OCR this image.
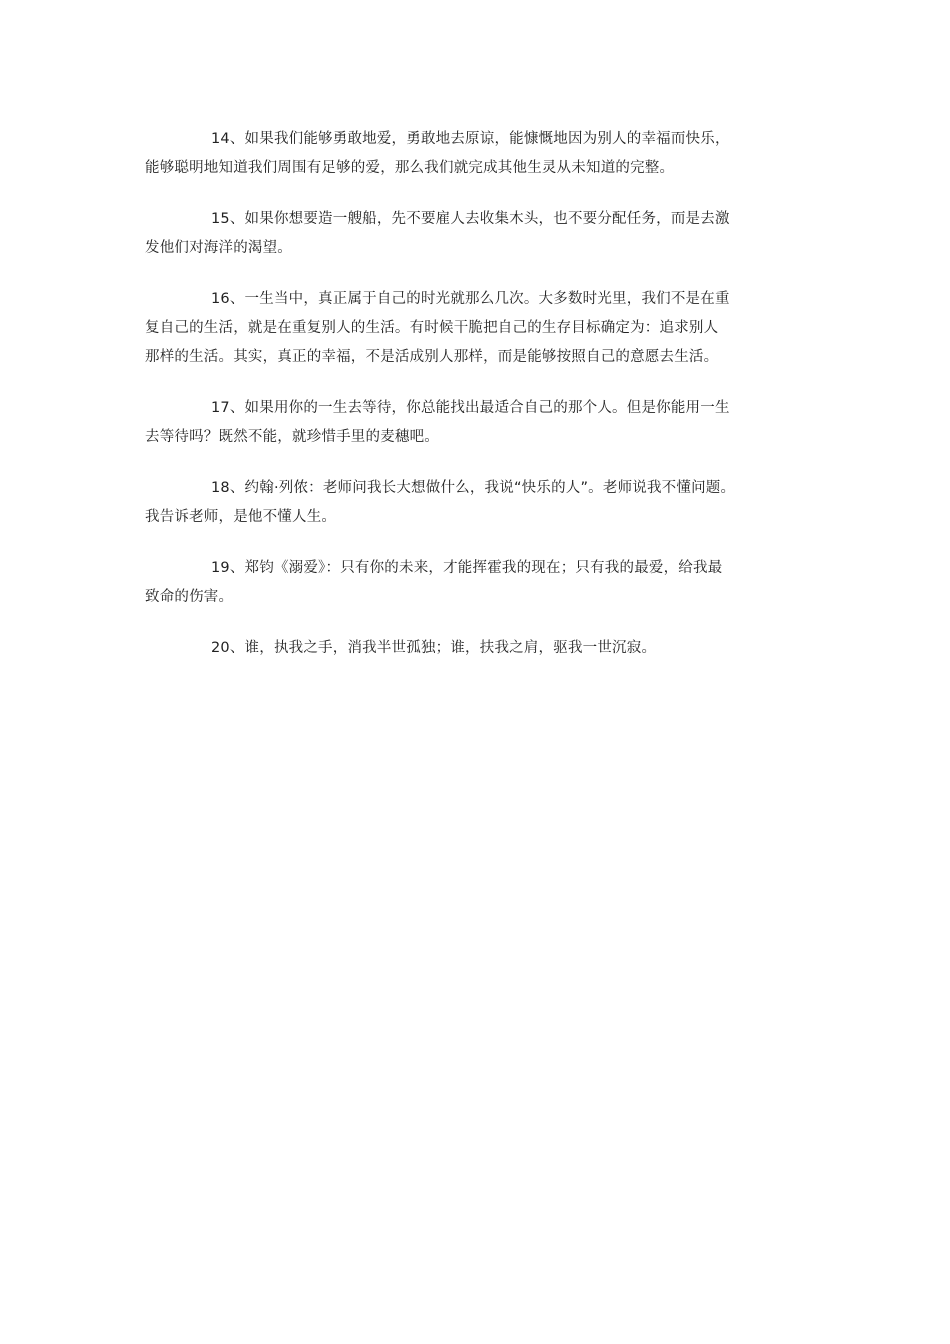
14、如果我们能够勇敢地爱，勇敢地去原谅，能慷慨地因为别人的幸福而快乐，
能够聪明地知道我们周围有足够的爱，那么我们就完成其他生灵从未知道的完整。

15、如果你想要造一艘船，先不要雇人去收集木头，也不要分配任务，而是去激
发他们对海洋的渴望。

16、一生当中，真正属于自己的时光就那么几次。大多数时光里，我们不是在重
复自己的生活，就是在重复别人的生活。有时候干脆把自己的生存目标确定为：追求别人
那样的生活。其实，真正的幸福，不是活成别人那样，而是能够按照自己的意愿去生活。

17、如果用你的一生去等待，你总能找出最适合自己的那个人。但是你能用一生
去等待吗？既然不能，就珍惜手里的麦穗吧。

18、约翰·列侬：老师问我长大想做什么，我说“快乐的人”。老师说我不懂问题。
我告诉老师，是他不懂人生。

19、郑钧《溺爱》：只有你的未来，才能挥霍我的现在；只有我的最爱，给我最
致命的伤害。

20、谁，执我之手，消我半世孤独；谁，扶我之肩，驱我一世沉寂。
